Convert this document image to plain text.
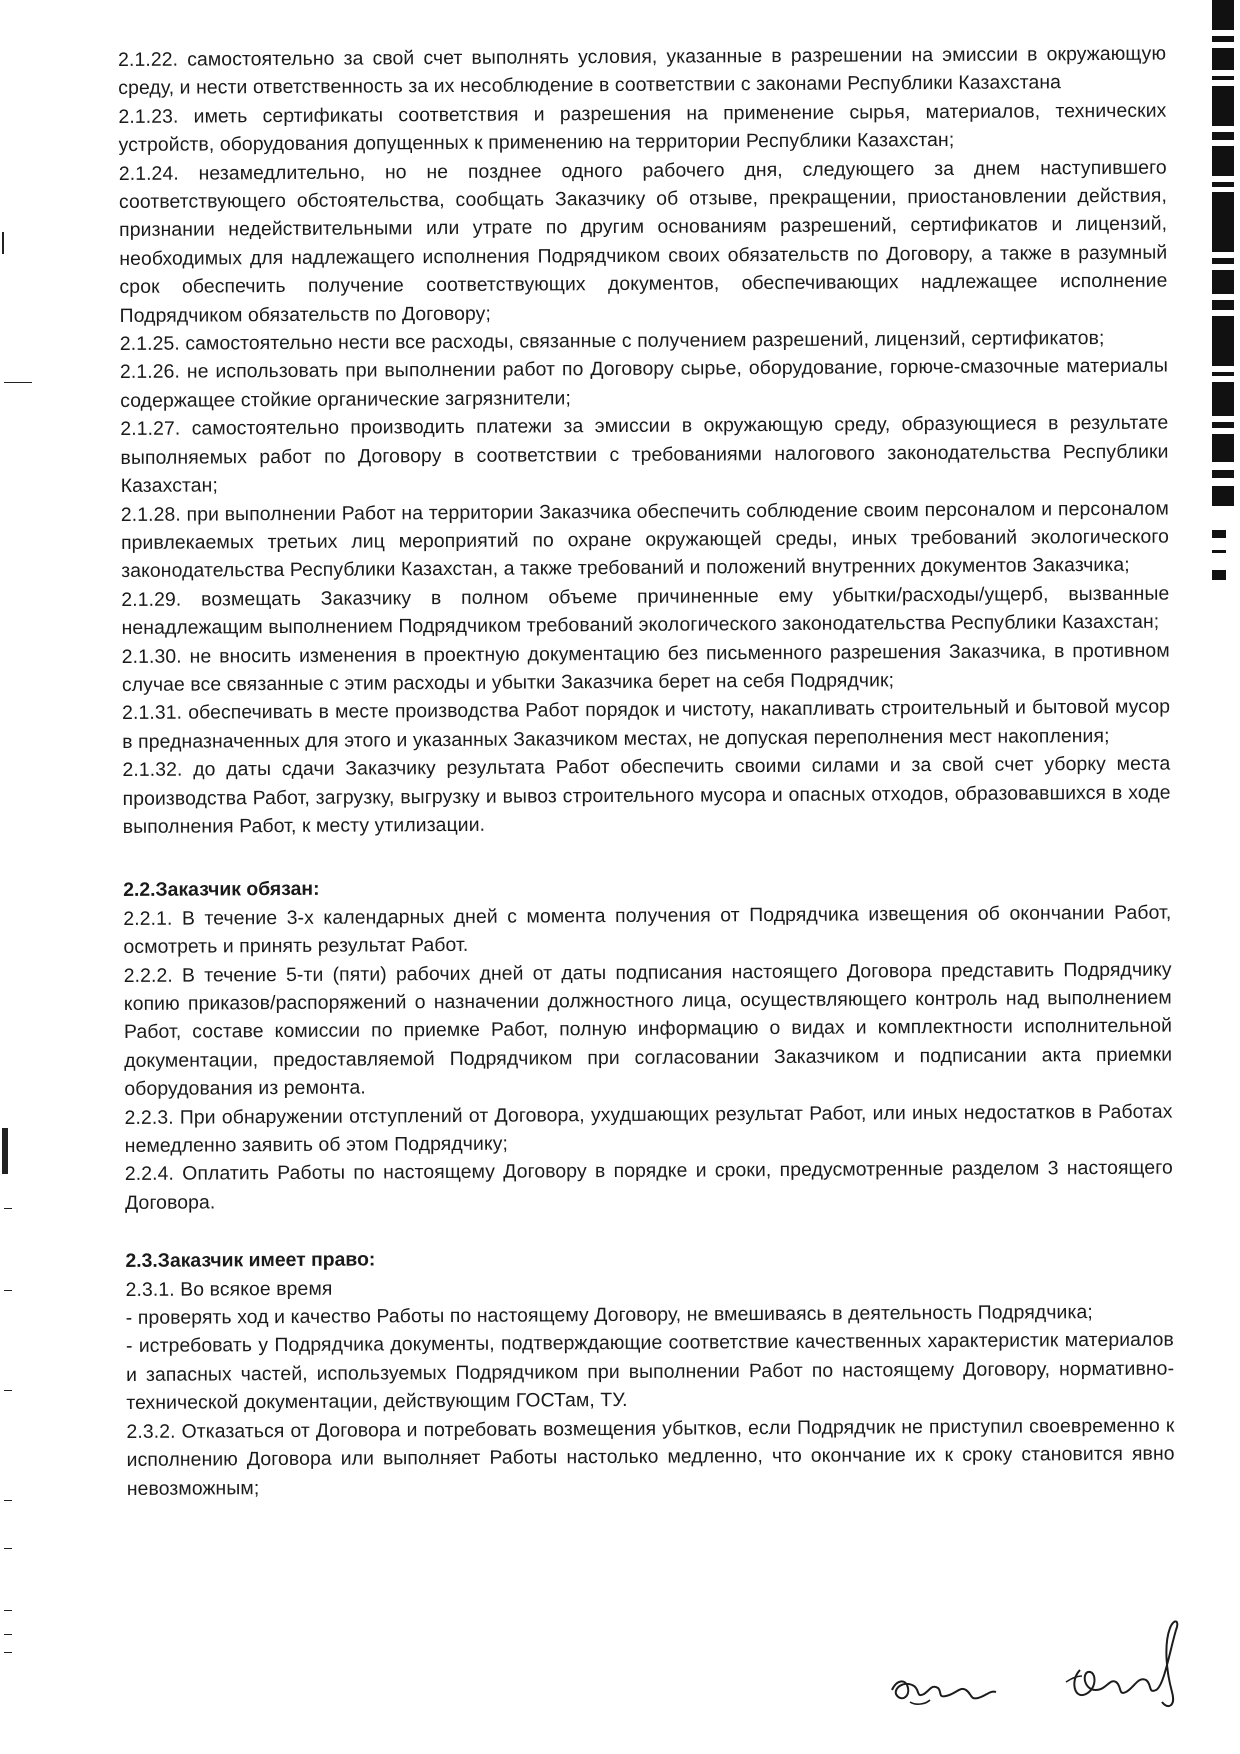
2.1.22. самостоятельно за свой счет выполнять условия, указанные в разрешении на эмиссии в окружающую среду, и нести ответственность за их несоблюдение в соответствии с законами Республики Казахстана

2.1.23. иметь сертификаты соответствия и разрешения на применение сырья, материалов, технических устройств, оборудования допущенных к применению на территории Республики Казахстан;

2.1.24. незамедлительно, но не позднее одного рабочего дня, следующего за днем наступившего соответствующего обстоятельства, сообщать Заказчику об отзыве, прекращении, приостановлении действия, признании недействительными или утрате по другим основаниям разрешений, сертификатов и лицензий, необходимых для надлежащего исполнения Подрядчиком своих обязательств по Договору, а также в разумный срок обеспечить получение соответствующих документов, обеспечивающих надлежащее исполнение Подрядчиком обязательств по Договору;

2.1.25. самостоятельно нести все расходы, связанные с получением разрешений, лицензий, сертификатов;

2.1.26. не использовать при выполнении работ по Договору сырье, оборудование, горюче-смазочные материалы содержащее стойкие органические загрязнители;

2.1.27. самостоятельно производить платежи за эмиссии в окружающую среду, образующиеся в результате выполняемых работ по Договору в соответствии с требованиями налогового законодательства Республики Казахстан;

2.1.28. при выполнении Работ на территории Заказчика обеспечить соблюдение своим персоналом и персоналом привлекаемых третьих лиц мероприятий по охране окружающей среды, иных требований экологического законодательства Республики Казахстан, а также требований и положений внутренних документов Заказчика;

2.1.29. возмещать Заказчику в полном объеме причиненные ему убытки/расходы/ущерб, вызванные ненадлежащим выполнением Подрядчиком требований экологического законодательства Республики Казахстан;

2.1.30. не вносить изменения в проектную документацию без письменного разрешения Заказчика, в противном случае все связанные с этим расходы и убытки Заказчика берет на себя Подрядчик;

2.1.31. обеспечивать в месте производства Работ порядок и чистоту, накапливать строительный и бытовой мусор в предназначенных для этого и указанных Заказчиком местах, не допуская переполнения мест накопления;

2.1.32. до даты сдачи Заказчику результата Работ обеспечить своими силами и за свой счет уборку места производства Работ, загрузку, выгрузку и вывоз строительного мусора и опасных отходов, образовавшихся в ходе выполнения Работ, к месту утилизации.

2.2.Заказчик обязан:

2.2.1. В течение 3-х календарных дней с момента получения от Подрядчика извещения об окончании Работ, осмотреть и принять результат Работ.

2.2.2. В течение 5-ти (пяти) рабочих дней от даты подписания настоящего Договора представить Подрядчику копию приказов/распоряжений о назначении должностного лица, осуществляющего контроль над выполнением Работ, составе комиссии по приемке Работ, полную информацию о видах и комплектности исполнительной документации, предоставляемой Подрядчиком при согласовании Заказчиком и подписании акта приемки оборудования из ремонта.

2.2.3. При обнаружении отступлений от Договора, ухудшающих результат Работ, или иных недостатков в Работах немедленно заявить об этом Подрядчику;

2.2.4. Оплатить Работы по настоящему Договору в порядке и сроки, предусмотренные разделом 3 настоящего Договора.

2.3.Заказчик имеет право:

2.3.1. Во всякое время

- проверять ход и качество Работы по настоящему Договору, не вмешиваясь в деятельность Подрядчика;

- истребовать у Подрядчика документы, подтверждающие соответствие качественных характеристик материалов и запасных частей, используемых Подрядчиком при выполнении Работ по настоящему Договору, нормативно-технической документации, действующим ГОСТам, ТУ.

2.3.2. Отказаться от Договора и потребовать возмещения убытков, если Подрядчик не приступил своевременно к исполнению Договора или выполняет Работы настолько медленно, что окончание их к сроку становится явно невозможным;
